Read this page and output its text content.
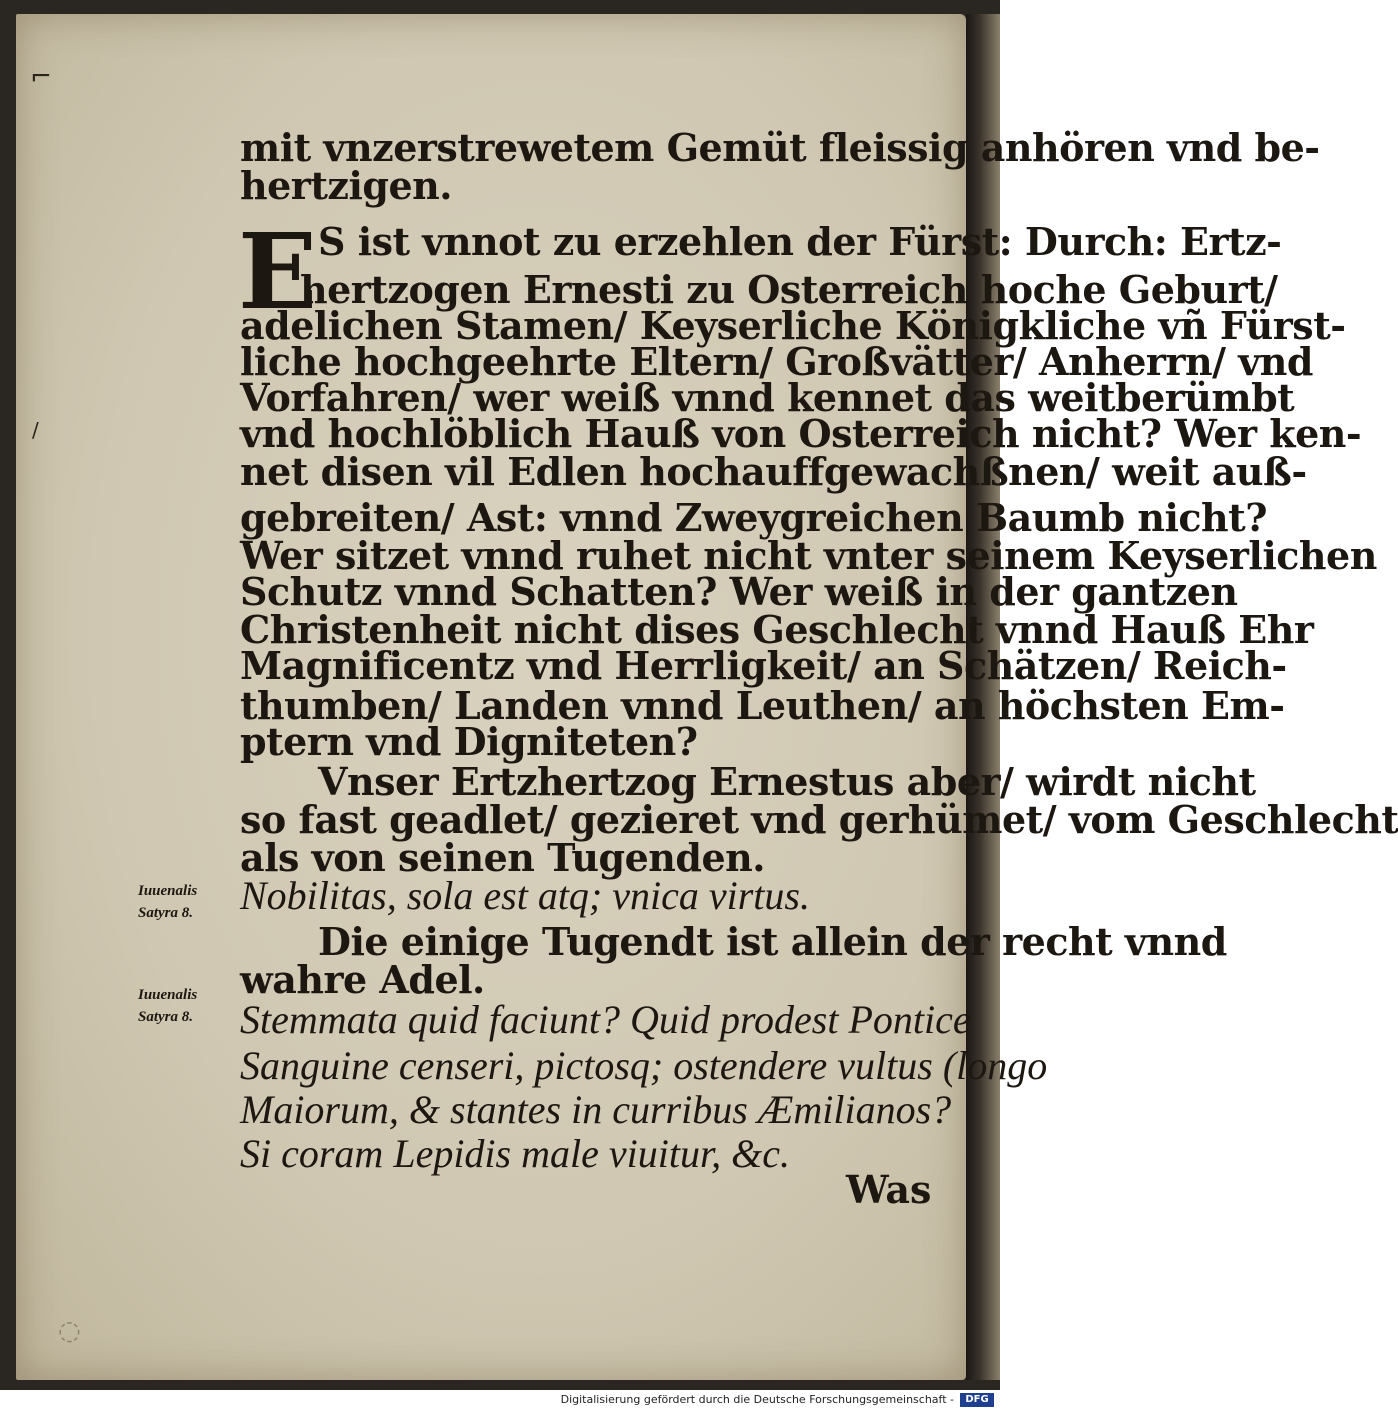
⌐
/
◌
mit vnzerstrewetem Gemüt fleissig anhören vnd be-
hertzigen.
E S ist vnnot zu erzehlen der Fürst: Durch: Ertz-
hertzogen Ernesti zu Osterreich hoche Geburt/
adelichen Stamen/ Keyserliche Königkliche vñ Fürst-
liche hochgeehrte Eltern/ Großvätter/ Anherrn/ vnd
Vorfahren/ wer weiß vnnd kennet das weitberümbt
vnd hochlöblich Hauß von Osterreich nicht? Wer ken-
net disen vil Edlen hochauffgewachßnen/ weit auß-
gebreiten/ Ast: vnnd Zweygreichen Baumb nicht?
Wer sitzet vnnd ruhet nicht vnter seinem Keyserlichen
Schutz vnnd Schatten? Wer weiß in der gantzen
Christenheit nicht dises Geschlecht vnnd Hauß Ehr
Magnificentz vnd Herrligkeit/ an Schätzen/ Reich-
thumben/ Landen vnnd Leuthen/ an höchsten Em-
ptern vnd Digniteten?
Vnser Ertzhertzog Ernestus aber/ wirdt nicht
so fast geadlet/ gezieret vnd gerhümet/ vom Geschlecht
als von seinen Tugenden.
Iuuenalis
Satyra 8. Nobilitas, sola est atq; vnica virtus.
Die einige Tugendt ist allein der recht vnnd
wahre Adel.
Iuuenalis
Satyra 8. Stemmata quid faciunt? Quid prodest Pontice
Sanguine censeri, pictosq; ostendere vultus (longo
Maiorum, & stantes in curribus Æmilianos?
Si coram Lepidis male viuitur, &c.
Was
Digitalisierung gefördert durch die Deutsche Forschungsgemeinschaft -	DFG
